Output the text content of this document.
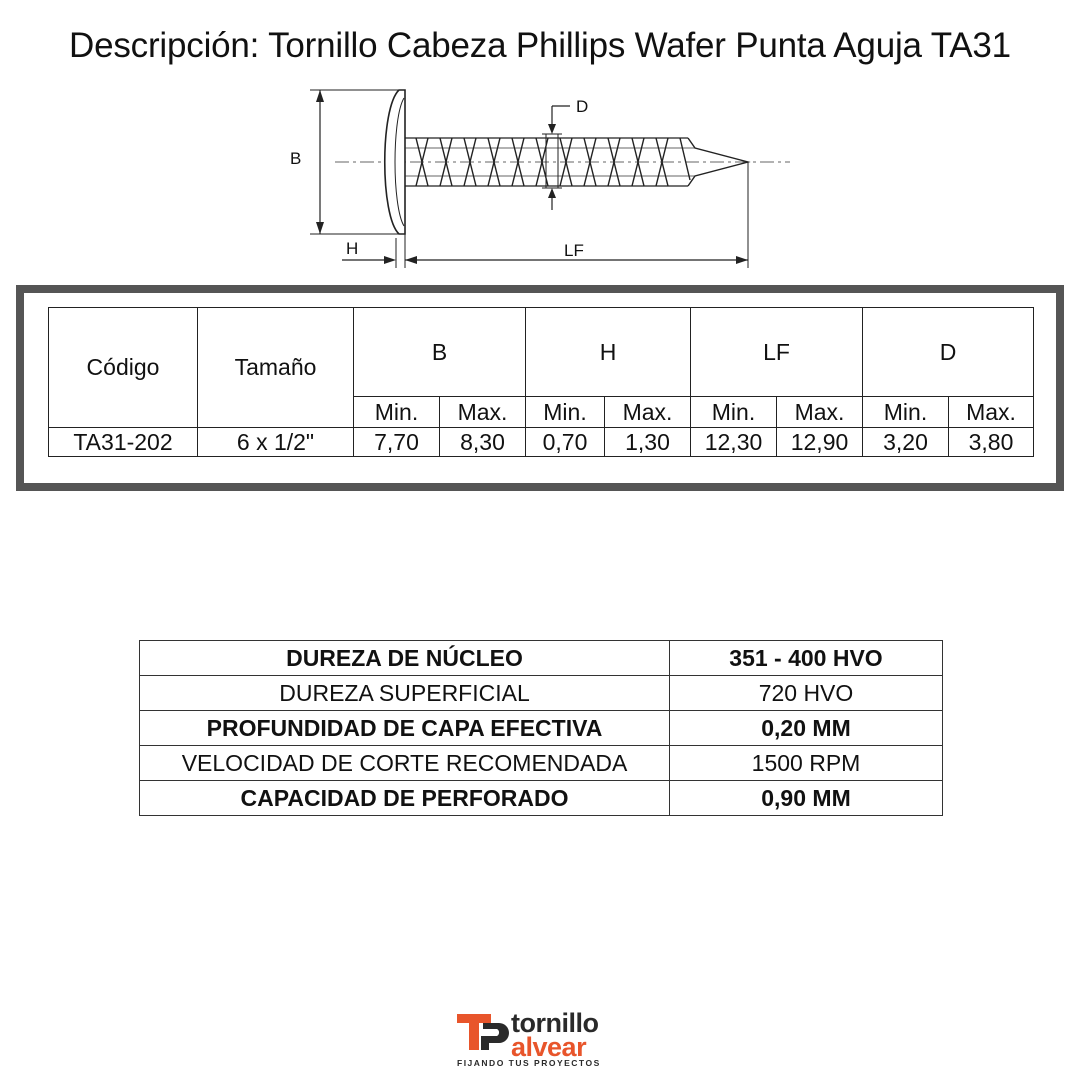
Descripción: Tornillo Cabeza Phillips Wafer Punta Aguja TA31
B
D
H	LF
Código	Tamaño	B		H		LF		D	
		Min.	Max.	Min.	Max.	Min.	Max.	Min.	Max.
TA31-202	6 x 1/2"	7,70	8,30	0,70	1,30	12,30	12,90	3,20	3,80
DUREZA DE NÚCLEO	351 - 400 HVO
DUREZA SUPERFICIAL	720 HVO
PROFUNDIDAD DE CAPA EFECTIVA	0,20 MM
VELOCIDAD DE CORTE RECOMENDADA	1500 RPM
CAPACIDAD DE PERFORADO	0,90 MM
tornillo
alvear
FIJANDO TUS PROYECTOS
